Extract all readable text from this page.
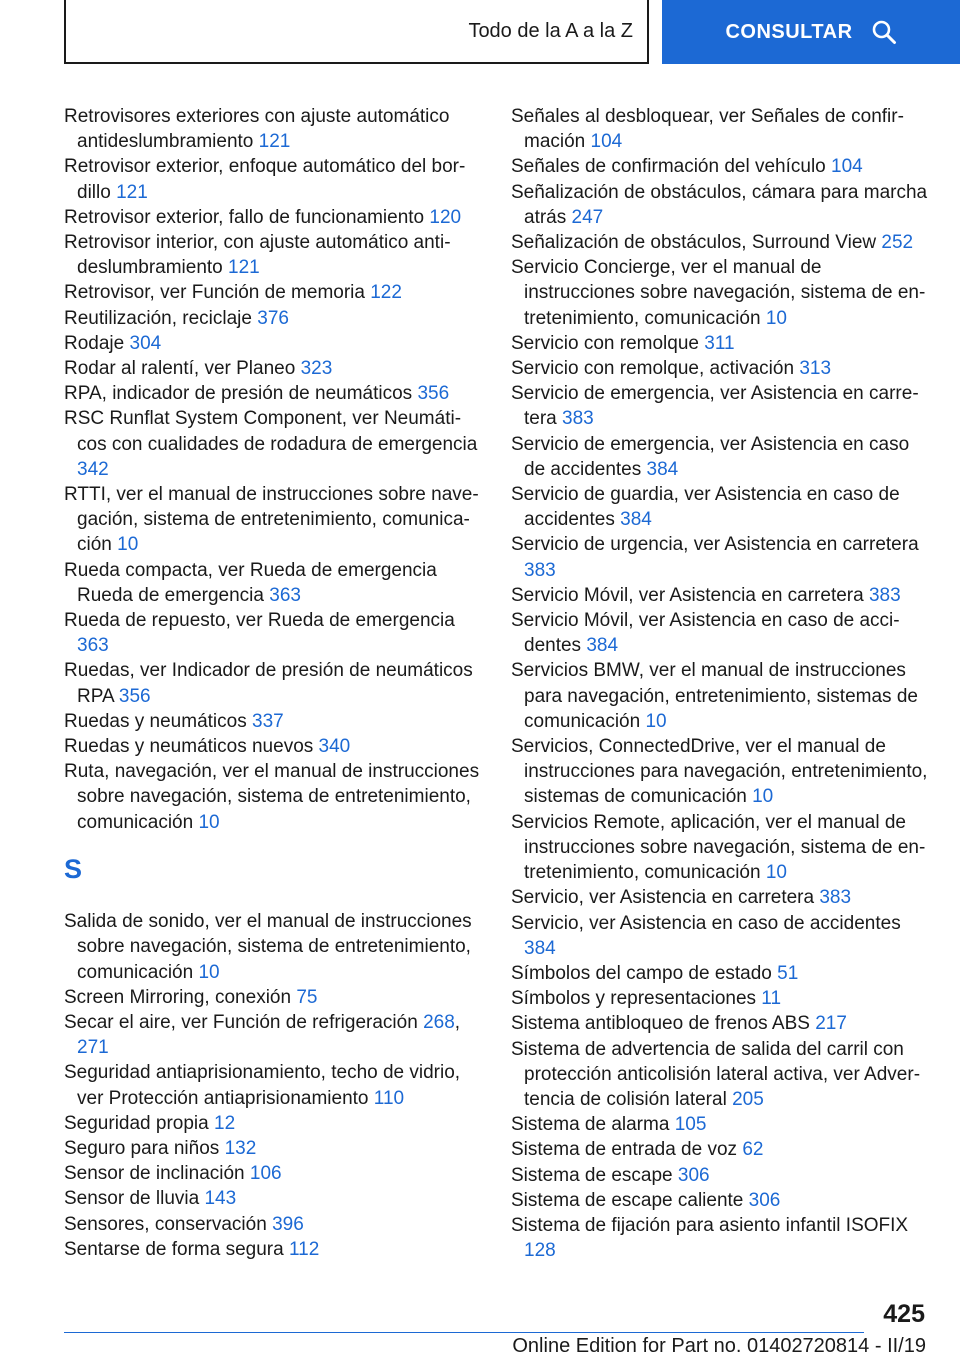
Todo de la A a la Z	CONSULTAR
Retrovisores exteriores con ajuste automático antideslumbramiento 121
Retrovisor exterior, enfoque automático del bordillo 121
Retrovisor exterior, fallo de funcionamiento 120
Retrovisor interior, con ajuste automático antideslumbramiento 121
Retrovisor, ver Función de memoria 122
Reutilización, reciclaje 376
Rodaje 304
Rodar al ralentí, ver Planeo 323
RPA, indicador de presión de neumáticos 356
RSC Runflat System Component, ver Neumáticos con cualidades de rodadura de emergencia 342
RTTI, ver el manual de instrucciones sobre navegación, sistema de entretenimiento, comunicación 10
Rueda compacta, ver Rueda de emergencia Rueda de emergencia 363
Rueda de repuesto, ver Rueda de emergencia 363
Ruedas, ver Indicador de presión de neumáticos RPA 356
Ruedas y neumáticos 337
Ruedas y neumáticos nuevos 340
Ruta, navegación, ver el manual de instrucciones sobre navegación, sistema de entretenimiento, comunicación 10
S
Salida de sonido, ver el manual de instrucciones sobre navegación, sistema de entretenimiento, comunicación 10
Screen Mirroring, conexión 75
Secar el aire, ver Función de refrigeración 268, 271
Seguridad antiaprisionamiento, techo de vidrio, ver Protección antiaprisionamiento 110
Seguridad propia 12
Seguro para niños 132
Sensor de inclinación 106
Sensor de lluvia 143
Sensores, conservación 396
Sentarse de forma segura 112
Señales al desbloquear, ver Señales de confirmación 104
Señales de confirmación del vehículo 104
Señalización de obstáculos, cámara para marcha atrás 247
Señalización de obstáculos, Surround View 252
Servicio Concierge, ver el manual de instrucciones sobre navegación, sistema de entretenimiento, comunicación 10
Servicio con remolque 311
Servicio con remolque, activación 313
Servicio de emergencia, ver Asistencia en carretera 383
Servicio de emergencia, ver Asistencia en caso de accidentes 384
Servicio de guardia, ver Asistencia en caso de accidentes 384
Servicio de urgencia, ver Asistencia en carretera 383
Servicio Móvil, ver Asistencia en carretera 383
Servicio Móvil, ver Asistencia en caso de accidentes 384
Servicios BMW, ver el manual de instrucciones para navegación, entretenimiento, sistemas de comunicación 10
Servicios, ConnectedDrive, ver el manual de instrucciones para navegación, entretenimiento, sistemas de comunicación 10
Servicios Remote, aplicación, ver el manual de instrucciones sobre navegación, sistema de entretenimiento, comunicación 10
Servicio, ver Asistencia en carretera 383
Servicio, ver Asistencia en caso de accidentes 384
Símbolos del campo de estado 51
Símbolos y representaciones 11
Sistema antibloqueo de frenos ABS 217
Sistema de advertencia de salida del carril con protección anticolisión lateral activa, ver Advertencia de colisión lateral 205
Sistema de alarma 105
Sistema de entrada de voz 62
Sistema de escape 306
Sistema de escape caliente 306
Sistema de fijación para asiento infantil ISOFIX 128
425
Online Edition for Part no. 01402720814 - II/19
